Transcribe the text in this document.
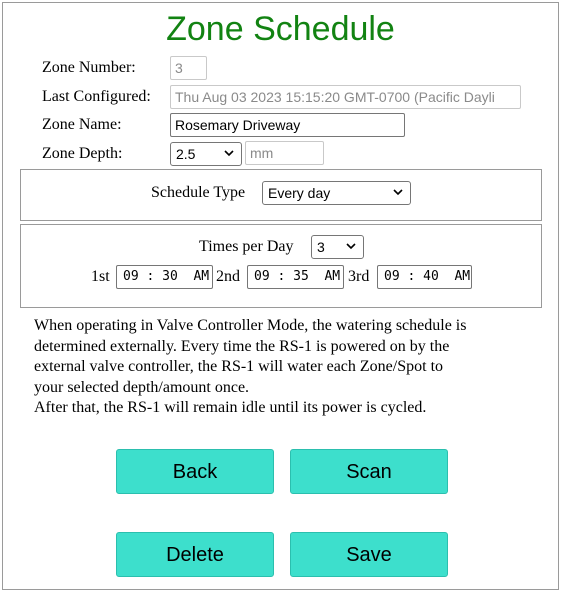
Zone Schedule
Zone Number:	3
Last Configured:	Thu Aug 03 2023 15:15:20 GMT-0700 (Pacific Dayli
Zone Name:	Rosemary Driveway
Zone Depth:	2.5	mm
Schedule Type	Every day
Times per Day	3
1st	09 : 30  AM 2nd	09 : 35  AM 3rd	09 : 40  AM
When operating in Valve Controller Mode, the watering schedule is
determined externally. Every time the RS-1 is powered on by the
external valve controller, the RS-1 will water each Zone/Spot to
your selected depth/amount once.
After that, the RS-1 will remain idle until its power is cycled.
Back	Scan
Delete	Save
